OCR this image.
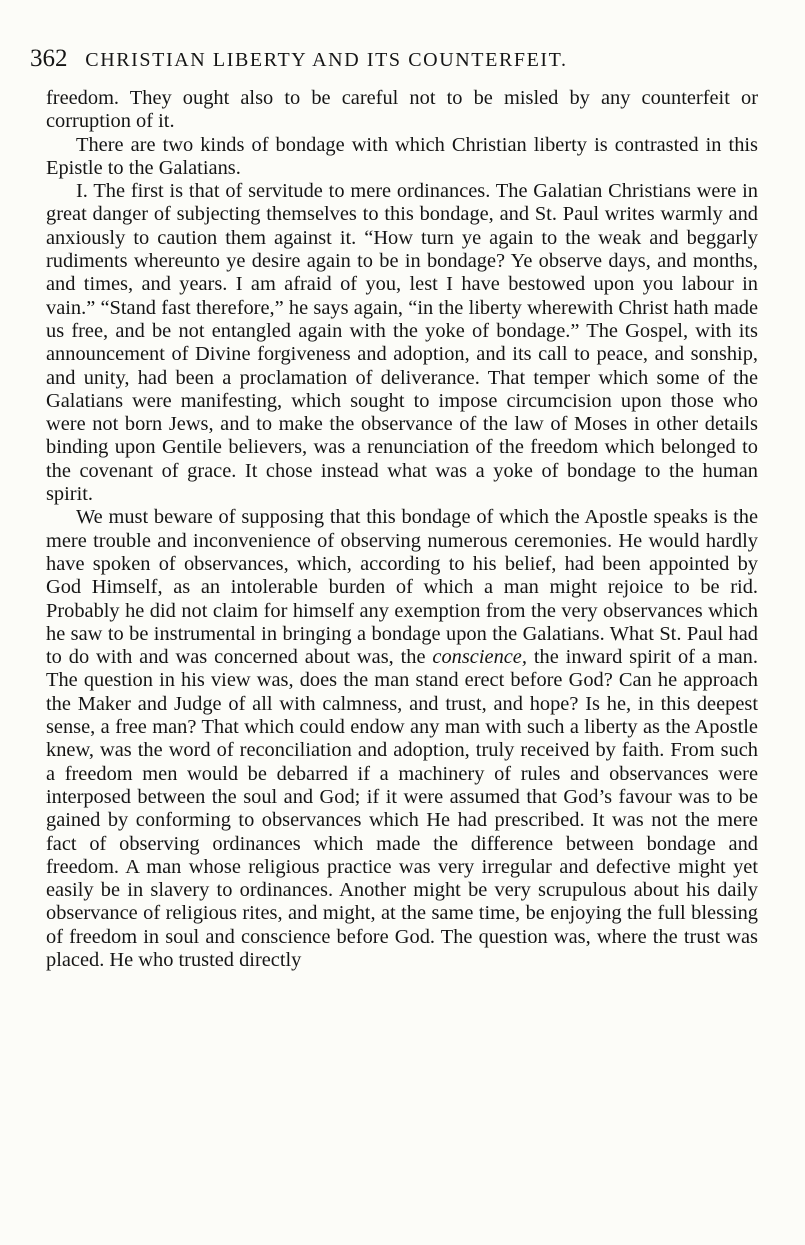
362 CHRISTIAN LIBERTY AND ITS COUNTERFEIT.

freedom. They ought also to be careful not to be misled by any counterfeit or corruption of it.

There are two kinds of bondage with which Christian liberty is contrasted in this Epistle to the Galatians.

I. The first is that of servitude to mere ordinances. The Galatian Christians were in great danger of subjecting themselves to this bondage, and St. Paul writes warmly and anxiously to caution them against it. “How turn ye again to the weak and beggarly rudiments whereunto ye desire again to be in bondage? Ye observe days, and months, and times, and years. I am afraid of you, lest I have bestowed upon you labour in vain.” “Stand fast therefore,” he says again, “in the liberty wherewith Christ hath made us free, and be not entangled again with the yoke of bondage.” The Gospel, with its announcement of Divine forgiveness and adoption, and its call to peace, and sonship, and unity, had been a proclamation of deliverance. That temper which some of the Galatians were manifesting, which sought to impose circumcision upon those who were not born Jews, and to make the observance of the law of Moses in other details binding upon Gentile believers, was a renunciation of the freedom which belonged to the covenant of grace. It chose instead what was a yoke of bondage to the human spirit.

We must beware of supposing that this bondage of which the Apostle speaks is the mere trouble and inconvenience of observing numerous ceremonies. He would hardly have spoken of observances, which, according to his belief, had been appointed by God Himself, as an intolerable burden of which a man might rejoice to be rid. Probably he did not claim for himself any exemption from the very observances which he saw to be instrumental in bringing a bondage upon the Galatians. What St. Paul had to do with and was concerned about was, the conscience, the inward spirit of a man. The question in his view was, does the man stand erect before God? Can he approach the Maker and Judge of all with calmness, and trust, and hope? Is he, in this deepest sense, a free man? That which could endow any man with such a liberty as the Apostle knew, was the word of reconciliation and adoption, truly received by faith. From such a freedom men would be debarred if a machinery of rules and observances were interposed between the soul and God; if it were assumed that God’s favour was to be gained by conforming to observances which He had prescribed. It was not the mere fact of observing ordinances which made the difference between bondage and freedom. A man whose religious practice was very irregular and defective might yet easily be in slavery to ordinances. Another might be very scrupulous about his daily observance of religious rites, and might, at the same time, be enjoying the full blessing of freedom in soul and conscience before God. The question was, where the trust was placed. He who trusted directly
